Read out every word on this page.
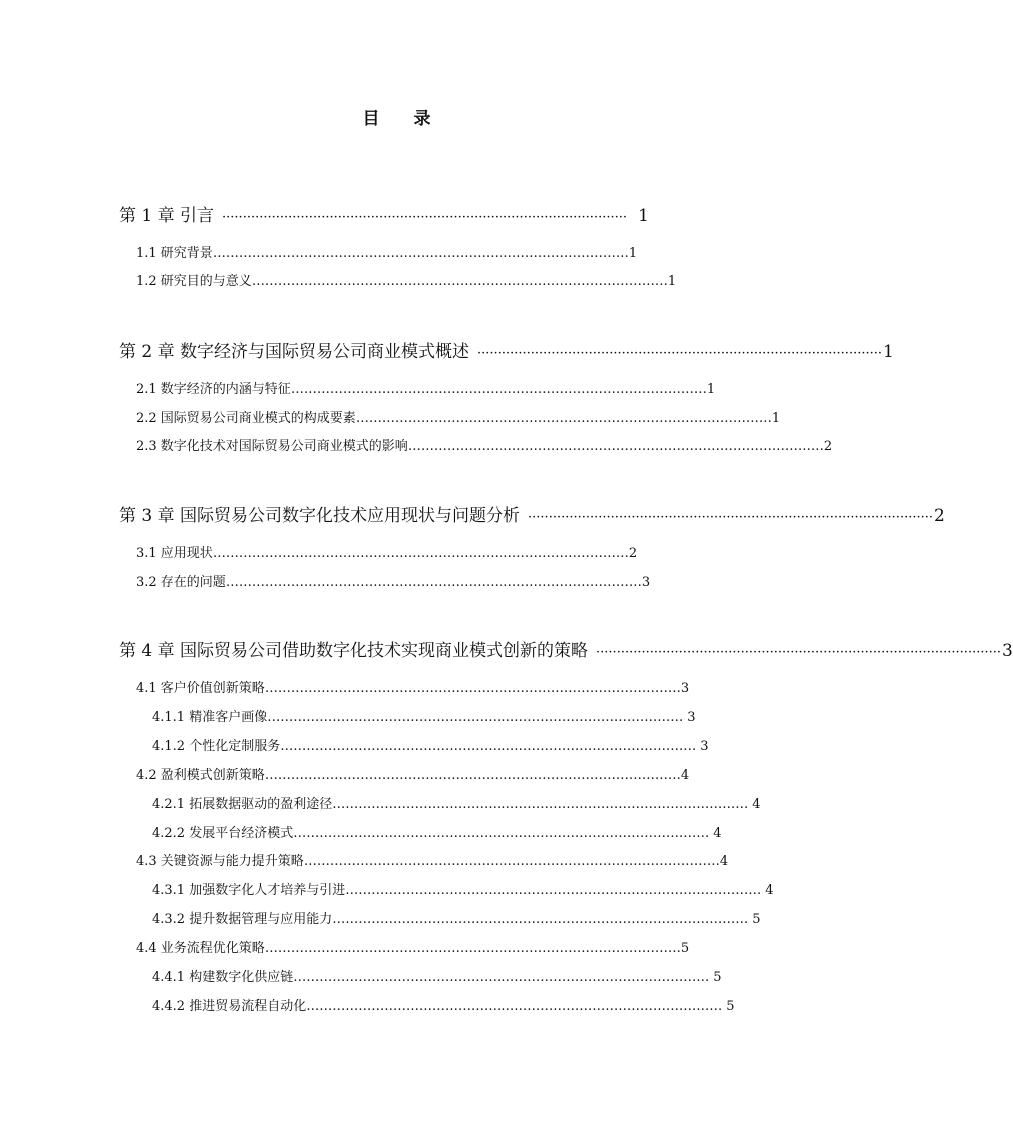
目 录
第 1 章 引言 ·································································································· 1
1.1 研究背景 …………………………………………………………………………………… 1
1.2 研究目的与意义 …………………………………………………………………………………… 1
第 2 章 数字经济与国际贸易公司商业模式概述 ·································································································· 1
2.1 数字经济的内涵与特征 …………………………………………………………………………………… 1
2.2 国际贸易公司商业模式的构成要素 …………………………………………………………………………………… 1
2.3 数字化技术对国际贸易公司商业模式的影响 …………………………………………………………………………………… 2
第 3 章 国际贸易公司数字化技术应用现状与问题分析 ·································································································· 2
3.1 应用现状 …………………………………………………………………………………… 2
3.2 存在的问题 …………………………………………………………………………………… 3
第 4 章 国际贸易公司借助数字化技术实现商业模式创新的策略 ·································································································· 3
4.1 客户价值创新策略 …………………………………………………………………………………… 3
4.1.1 精准客户画像 …………………………………………………………………………………… 3
4.1.2 个性化定制服务 …………………………………………………………………………………… 3
4.2 盈利模式创新策略 …………………………………………………………………………………… 4
4.2.1 拓展数据驱动的盈利途径 …………………………………………………………………………………… 4
4.2.2 发展平台经济模式 …………………………………………………………………………………… 4
4.3 关键资源与能力提升策略 …………………………………………………………………………………… 4
4.3.1 加强数字化人才培养与引进 …………………………………………………………………………………… 4
4.3.2 提升数据管理与应用能力 …………………………………………………………………………………… 5
4.4 业务流程优化策略 …………………………………………………………………………………… 5
4.4.1 构建数字化供应链 …………………………………………………………………………………… 5
4.4.2 推进贸易流程自动化 …………………………………………………………………………………… 5
